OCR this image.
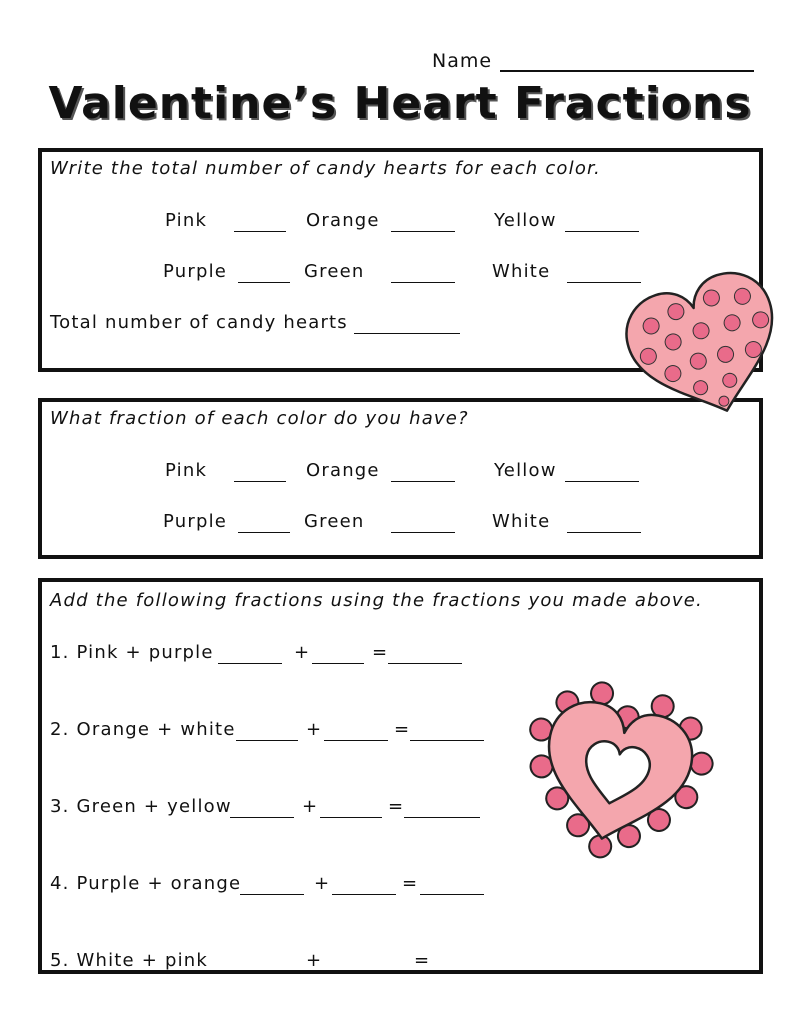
Name
Valentine’s Heart Fractions
Write the total number of candy hearts for each color.
Pink	Orange	Yellow
Purple	Green	White
Total number of candy hearts
What fraction of each color do you have?
Pink	Orange	Yellow
Purple	Green	White
Add the following fractions using the fractions you made above.
1. Pink + purple	+	=
2. Orange + white	+	=
3. Green + yellow	+	=
4. Purple + orange	+	=
5. White + pink	+	=
